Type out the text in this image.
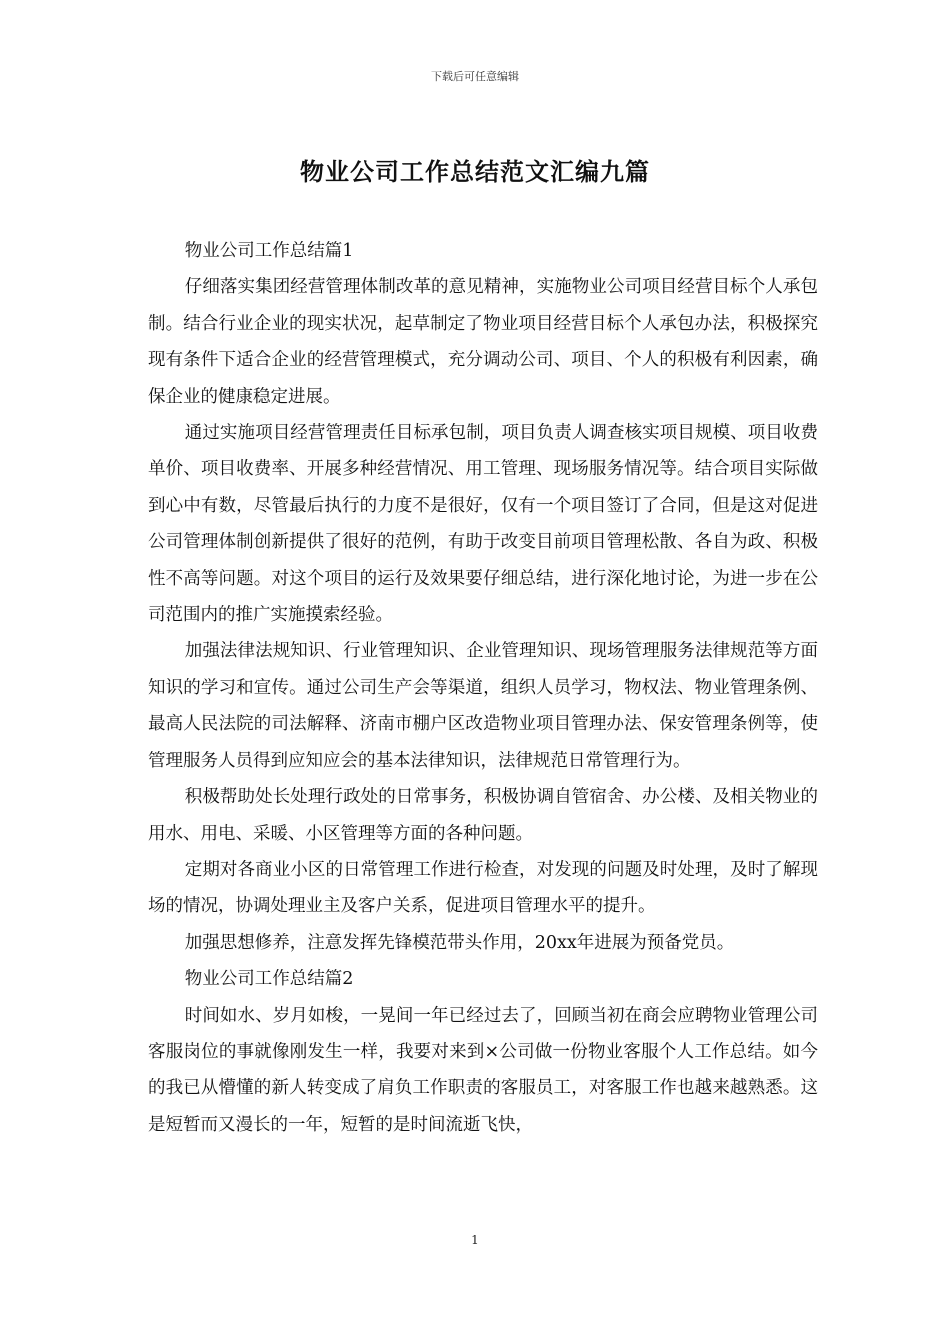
下载后可任意编辑
物业公司工作总结范文汇编九篇

物业公司工作总结篇1

仔细落实集团经营管理体制改革的意见精神，实施物业公司项目经营目标个人承包制。结合行业企业的现实状况，起草制定了物业项目经营目标个人承包办法，积极探究现有条件下适合企业的经营管理模式，充分调动公司、项目、个人的积极有利因素，确保企业的健康稳定进展。

通过实施项目经营管理责任目标承包制，项目负责人调查核实项目规模、项目收费单价、项目收费率、开展多种经营情况、用工管理、现场服务情况等。结合项目实际做到心中有数，尽管最后执行的力度不是很好，仅有一个项目签订了合同，但是这对促进公司管理体制创新提供了很好的范例，有助于改变目前项目管理松散、各自为政、积极性不高等问题。对这个项目的运行及效果要仔细总结，进行深化地讨论，为进一步在公司范围内的推广实施摸索经验。

加强法律法规知识、行业管理知识、企业管理知识、现场管理服务法律规范等方面知识的学习和宣传。通过公司生产会等渠道，组织人员学习，物权法、物业管理条例、最高人民法院的司法解释、济南市棚户区改造物业项目管理办法、保安管理条例等，使管理服务人员得到应知应会的基本法律知识，法律规范日常管理行为。

积极帮助处长处理行政处的日常事务，积极协调自管宿舍、办公楼、及相关物业的用水、用电、采暖、小区管理等方面的各种问题。

定期对各商业小区的日常管理工作进行检查，对发现的问题及时处理，及时了解现场的情况，协调处理业主及客户关系，促进项目管理水平的提升。

加强思想修养，注意发挥先锋模范带头作用，20xx年进展为预备党员。

物业公司工作总结篇2

时间如水、岁月如梭，一晃间一年已经过去了，回顾当初在商会应聘物业管理公司客服岗位的事就像刚发生一样，我要对来到×公司做一份物业客服个人工作总结。如今的我已从懵懂的新人转变成了肩负工作职责的客服员工，对客服工作也越来越熟悉。这是短暂而又漫长的一年，短暂的是时间流逝飞快，

1
